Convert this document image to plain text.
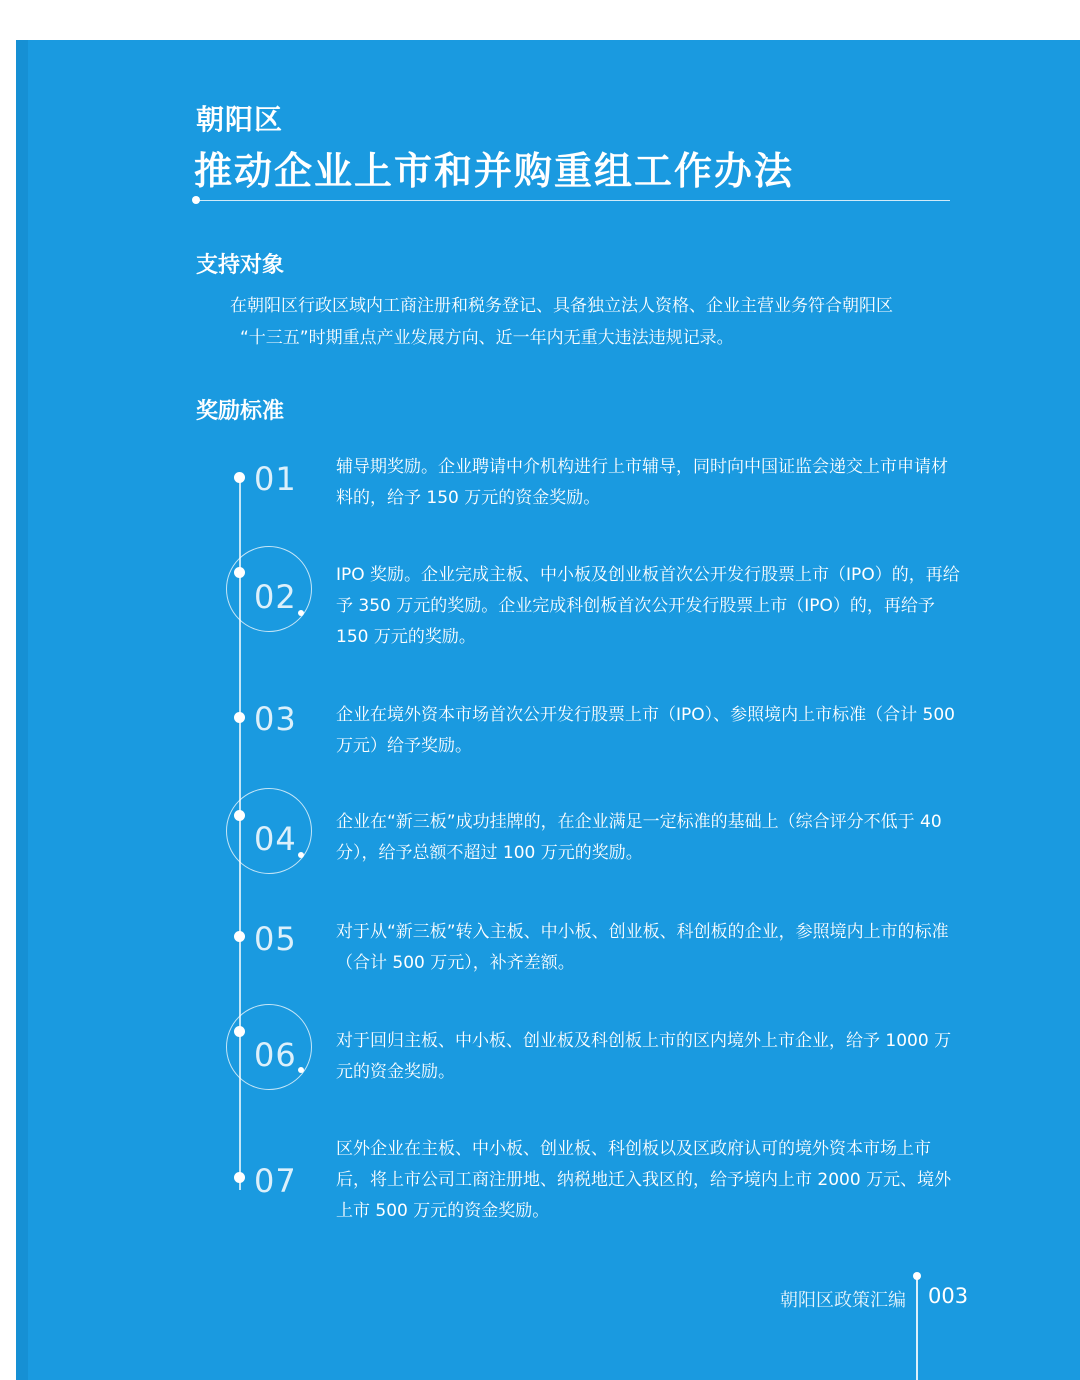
朝阳区
推动企业上市和并购重组工作办法
支持对象

在朝阳区行政区域内工商注册和税务登记、具备独立法人资格、企业主营业务符合朝阳区

“十三五”时期重点产业发展方向、近一年内无重大违法违规记录。

奖励标准
01 辅导期奖励。企业聘请中介机构进行上市辅导，同时向中国证监会递交上市申请材料的，给予 150 万元的资金奖励。
02
IPO 奖励。企业完成主板、中小板及创业板首次公开发行股票上市（IPO）的，再给予 350 万元的奖励。企业完成科创板首次公开发行股票上市（IPO）的，再给予 150 万元的奖励。
03 企业在境外资本市场首次公开发行股票上市（IPO）、参照境内上市标准（合计 500 万元）给予奖励。
04 企业在“新三板”成功挂牌的，在企业满足一定标准的基础上（综合评分不低于 40 分），给予总额不超过 100 万元的奖励。
05 对于从“新三板”转入主板、中小板、创业板、科创板的企业，参照境内上市的标准（合计 500 万元），补齐差额。
06 对于回归主板、中小板、创业板及科创板上市的区内境外上市企业，给予 1000 万元的资金奖励。
07
区外企业在主板、中小板、创业板、科创板以及区政府认可的境外资本市场上市后，将上市公司工商注册地、纳税地迁入我区的，给予境内上市 2000 万元、境外上市 500 万元的资金奖励。
朝阳区政策汇编 003
